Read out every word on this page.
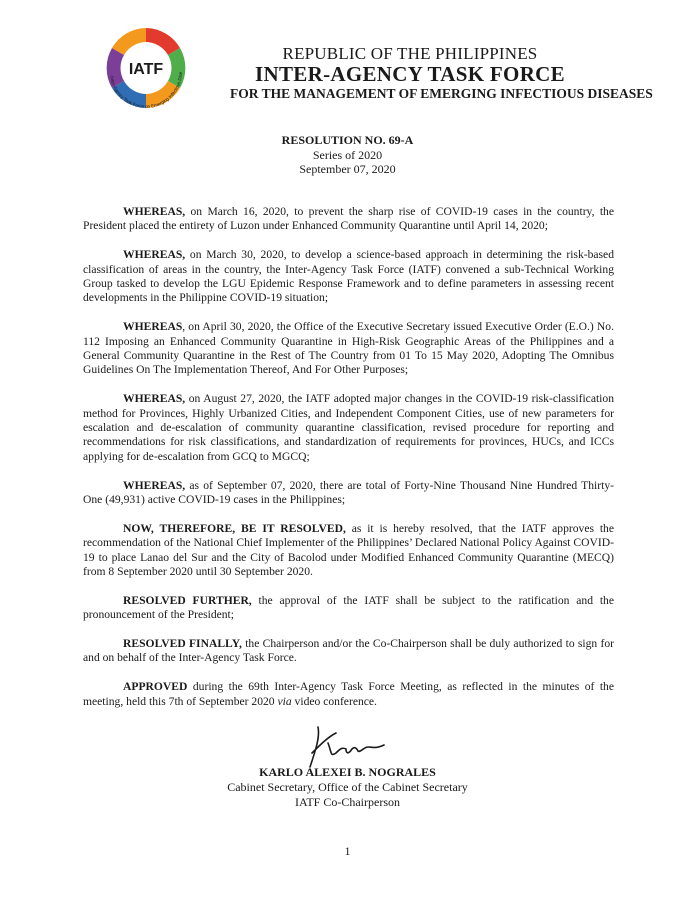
IATF
Inter-Agency Task Force on Emerging Infectious Dise
REPUBLIC OF THE PHILIPPINES
INTER-AGENCY TASK FORCE
FOR THE MANAGEMENT OF EMERGING INFECTIOUS DISEASES
RESOLUTION NO. 69-A
Series of 2020
September 07, 2020

WHEREAS, on March 16, 2020, to prevent the sharp rise of COVID-19 cases in the country, the President placed the entirety of Luzon under Enhanced Community Quarantine until April 14, 2020;

WHEREAS, on March 30, 2020, to develop a science-based approach in determining the risk-based classification of areas in the country, the Inter-Agency Task Force (IATF) convened a sub-Technical Working Group tasked to develop the LGU Epidemic Response Framework and to define parameters in assessing recent developments in the Philippine COVID-19 situation;

WHEREAS, on April 30, 2020, the Office of the Executive Secretary issued Executive Order (E.O.) No. 112 Imposing an Enhanced Community Quarantine in High-Risk Geographic Areas of the Philippines and a General Community Quarantine in the Rest of The Country from 01 To 15 May 2020, Adopting The Omnibus Guidelines On The Implementation Thereof, And For Other Purposes;

WHEREAS, on August 27, 2020, the IATF adopted major changes in the COVID-19 risk-classification method for Provinces, Highly Urbanized Cities, and Independent Component Cities, use of new parameters for escalation and de-escalation of community quarantine classification, revised procedure for reporting and recommendations for risk classifications, and standardization of requirements for provinces, HUCs, and ICCs applying for de-escalation from GCQ to MGCQ;

WHEREAS, as of September 07, 2020, there are total of Forty-Nine Thousand Nine Hundred Thirty-One (49,931) active COVID-19 cases in the Philippines;

NOW, THEREFORE, BE IT RESOLVED, as it is hereby resolved, that the IATF approves the recommendation of the National Chief Implementer of the Philippines’ Declared National Policy Against COVID-19 to place Lanao del Sur and the City of Bacolod under Modified Enhanced Community Quarantine (MECQ) from 8 September 2020 until 30 September 2020.

RESOLVED FURTHER, the approval of the IATF shall be subject to the ratification and the pronouncement of the President;

RESOLVED FINALLY, the Chairperson and/or the Co-Chairperson shall be duly authorized to sign for and on behalf of the Inter-Agency Task Force.

APPROVED during the 69th Inter-Agency Task Force Meeting, as reflected in the minutes of the meeting, held this 7th of September 2020 via video conference.

KARLO ALEXEI B. NOGRALES
Cabinet Secretary, Office of the Cabinet Secretary
IATF Co-Chairperson
1
